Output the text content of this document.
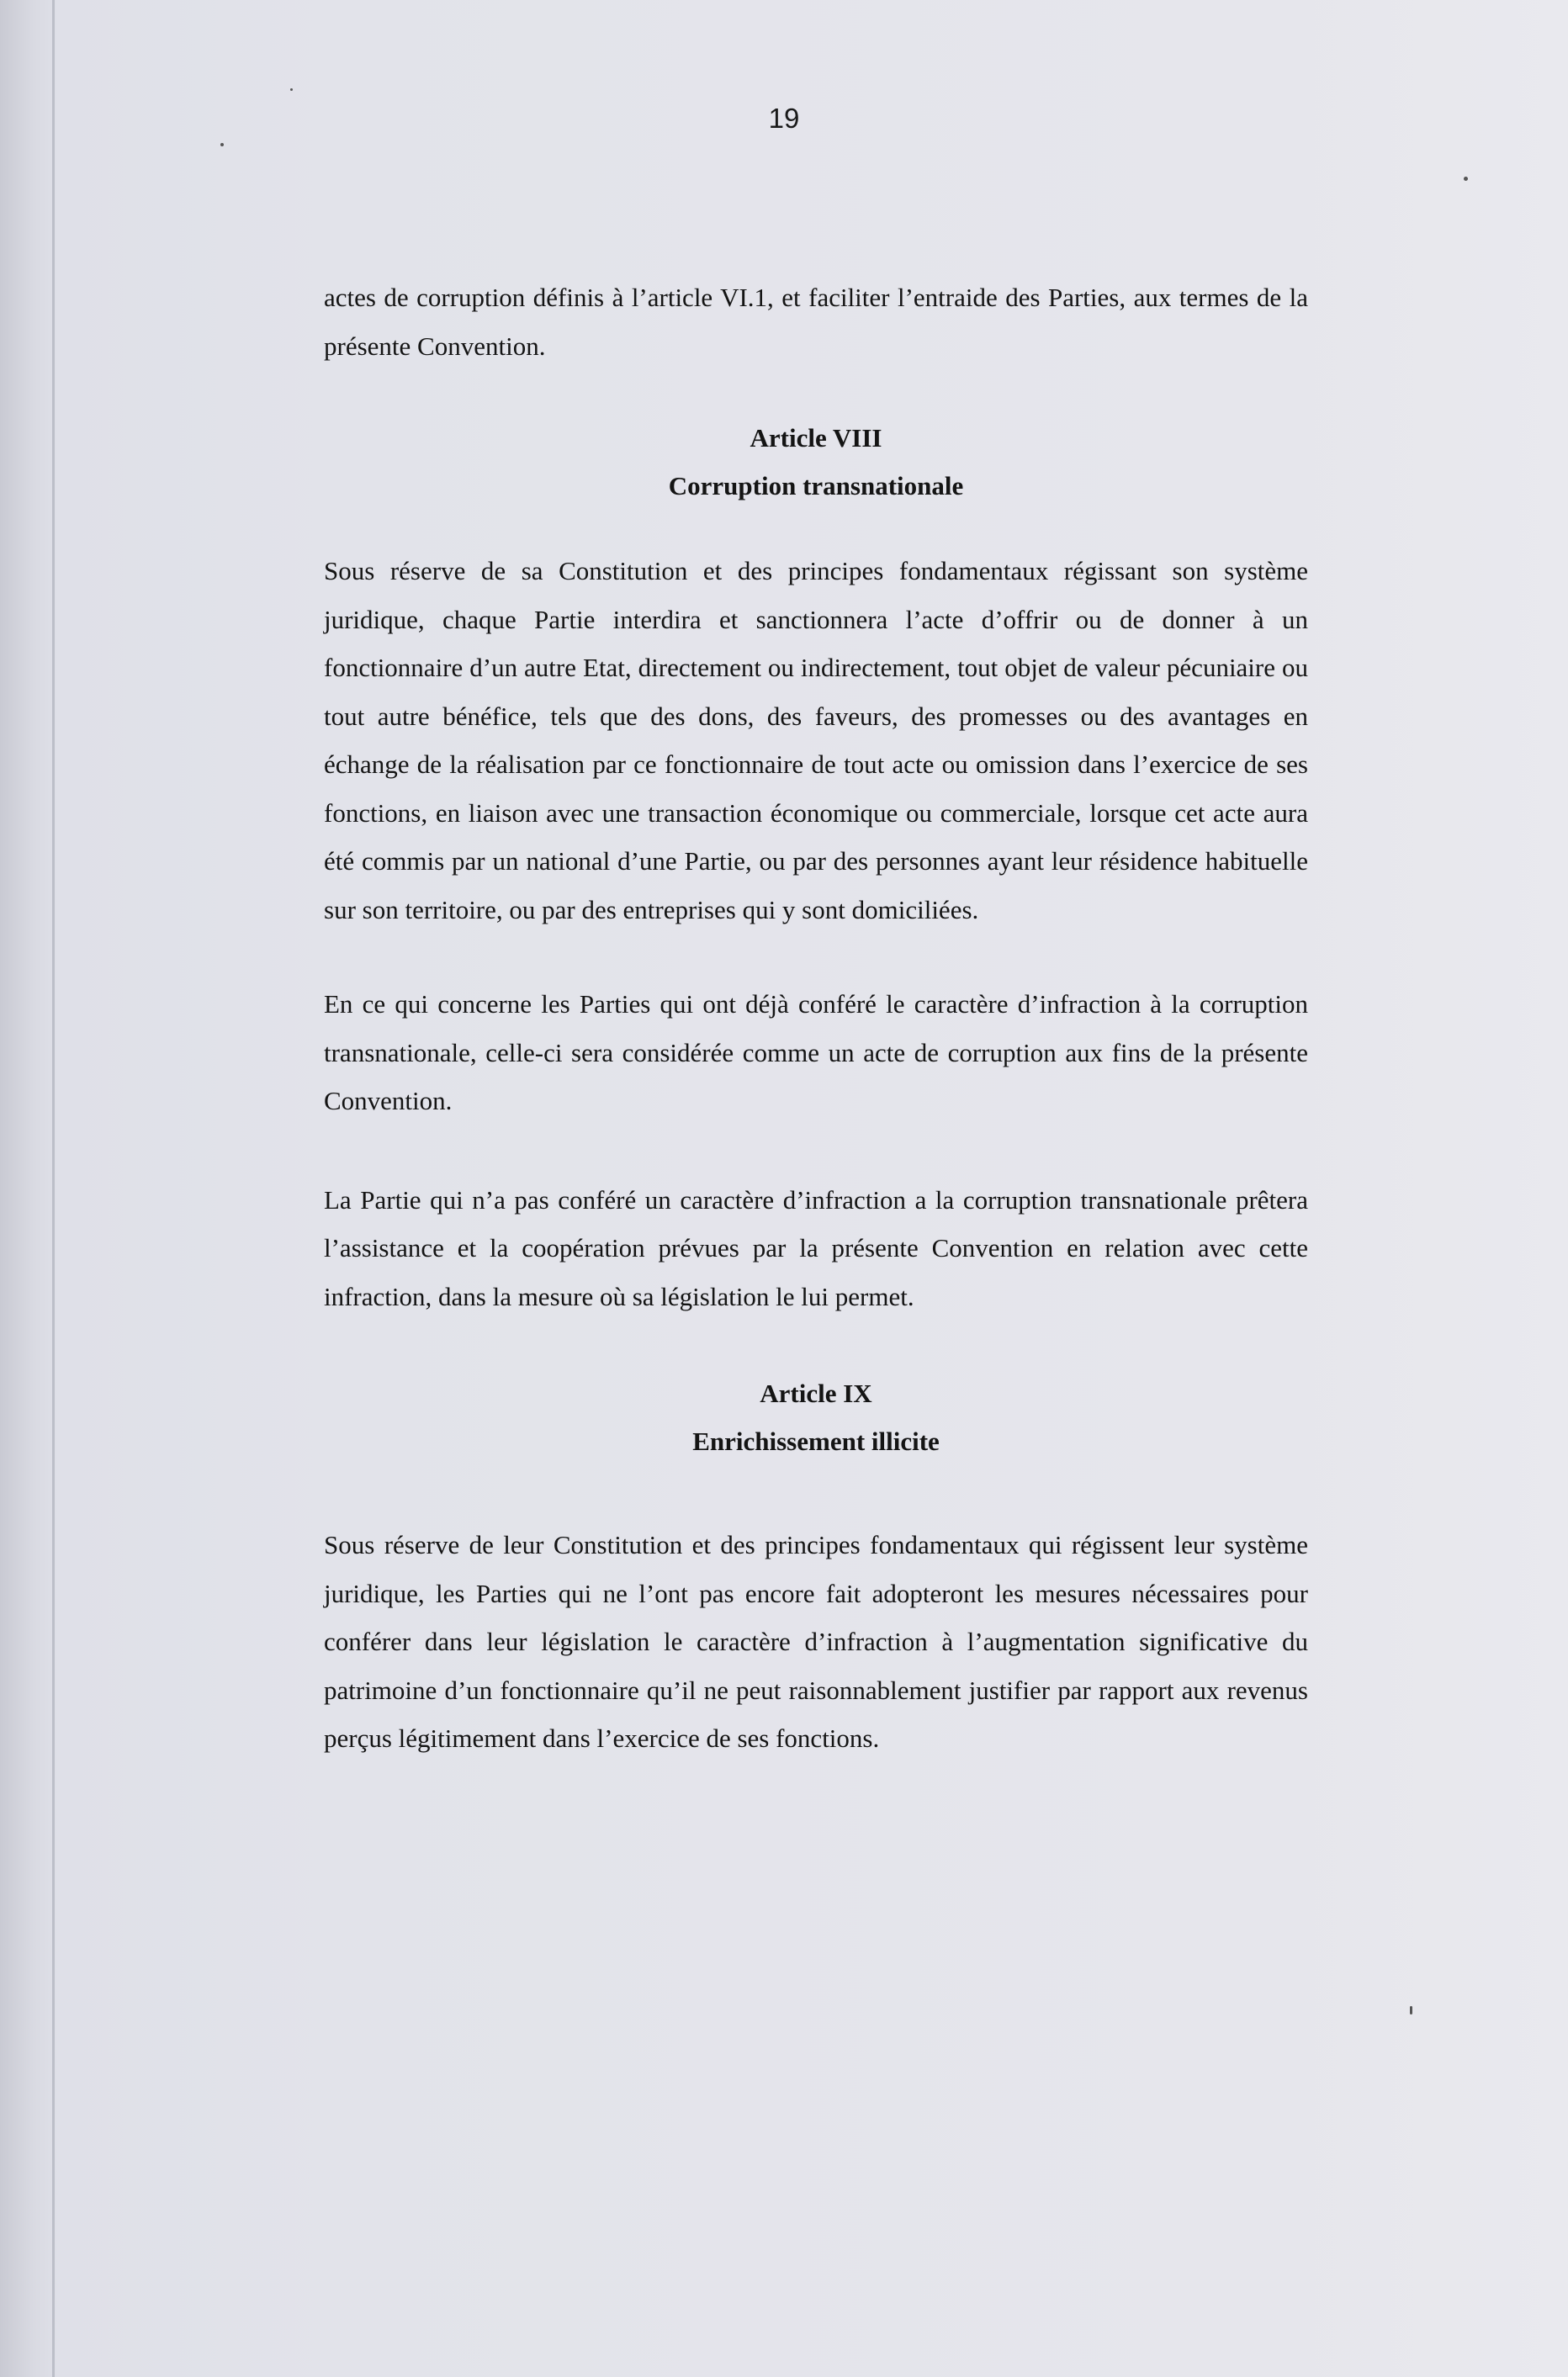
19

actes de corruption définis à l’article VI.1, et faciliter l’entraide des Parties, aux termes de la présente Convention.

Article VIII
Corruption transnationale

Sous réserve de sa Constitution et des principes fondamentaux régissant son système juridique, chaque Partie interdira et sanctionnera l’acte d’offrir ou de donner à un fonctionnaire d’un autre Etat, directement ou indirectement, tout objet de valeur pécuniaire ou tout autre bénéfice, tels que des dons, des faveurs, des promesses ou des avantages en échange de la réalisation par ce fonctionnaire de tout acte ou omission dans l’exercice de ses fonctions, en liaison avec une transaction économique ou commerciale, lorsque cet acte aura été commis par un national d’une Partie, ou par des personnes ayant leur résidence habituelle sur son territoire, ou par des entreprises qui y sont domiciliées.

En ce qui concerne les Parties qui ont déjà conféré le caractère d’infraction à la corruption transnationale, celle-ci sera considérée comme un acte de corruption aux fins de la présente Convention.

La Partie qui n’a pas conféré un caractère d’infraction a la corruption transnationale prêtera l’assistance et la coopération prévues par la présente Convention en relation avec cette infraction, dans la mesure où sa législation le lui permet.

Article IX
Enrichissement illicite

Sous réserve de leur Constitution et des principes fondamentaux qui régissent leur système juridique, les Parties qui ne l’ont pas encore fait adopteront les mesures nécessaires pour conférer dans leur législation le caractère d’infraction à l’augmentation significative du patrimoine d’un fonctionnaire qu’il ne peut raisonnablement justifier par rapport aux revenus perçus légitimement dans l’exercice de ses fonctions.
